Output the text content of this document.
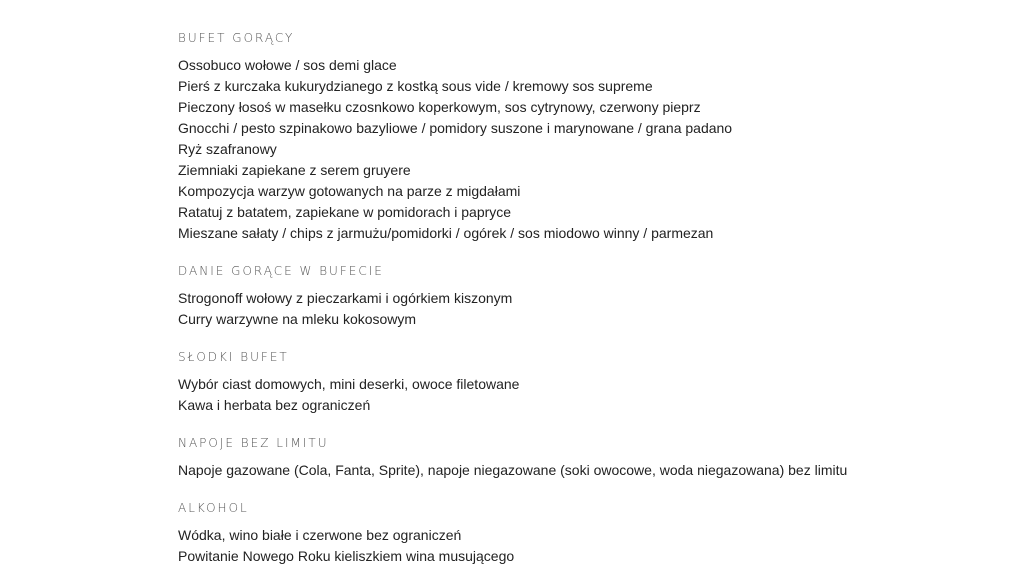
BUFET GORĄCY
Ossobuco wołowe / sos demi glace
Pierś z kurczaka kukurydzianego z kostką sous vide / kremowy sos supreme
Pieczony łosoś w masełku czosnkowo koperkowym, sos cytrynowy, czerwony pieprz
Gnocchi / pesto szpinakowo bazyliowe / pomidory suszone i marynowane / grana padano
Ryż szafranowy
Ziemniaki zapiekane z serem gruyere
Kompozycja warzyw gotowanych na parze z migdałami
Ratatuj z batatem, zapiekane w pomidorach i papryce
Mieszane sałaty / chips z jarmużu/pomidorki / ogórek / sos miodowo winny / parmezan
DANIE GORĄCE W BUFECIE
Strogonoff wołowy z pieczarkami i ogórkiem kiszonym
Curry warzywne na mleku kokosowym
SŁODKI BUFET
Wybór ciast domowych, mini deserki, owoce filetowane
Kawa i herbata bez ograniczeń
NAPOJE BEZ LIMITU
Napoje gazowane (Cola, Fanta, Sprite), napoje niegazowane (soki owocowe, woda niegazowana) bez limitu
ALKOHOL
Wódka, wino białe i czerwone bez ograniczeń
Powitanie Nowego Roku kieliszkiem wina musującego
